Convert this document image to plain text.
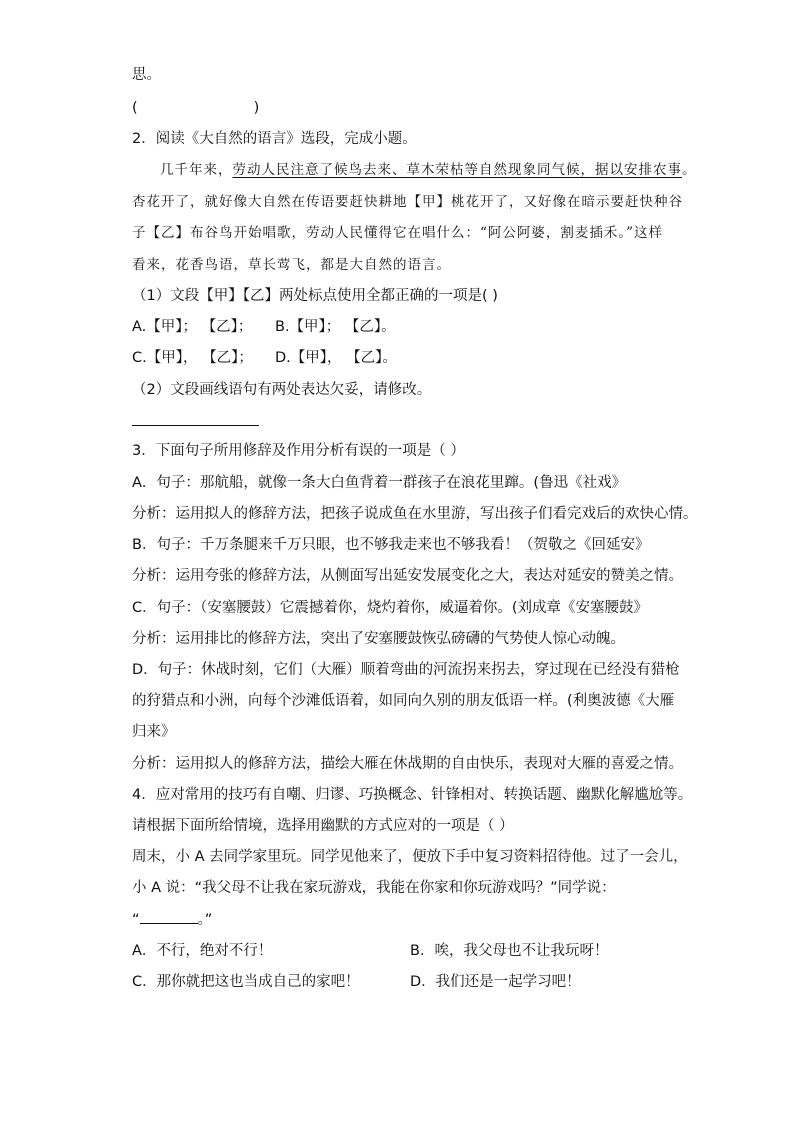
思。
(	)
2．阅读《大自然的语言》选段，完成小题。
几千年来，劳动人民注意了候鸟去来、草木荣枯等自然现象同气候，据以安排农事。
杏花开了，就好像大自然在传语要赶快耕地【甲】桃花开了，又好像在暗示要赶快种谷
子【乙】布谷鸟开始唱歌，劳动人民懂得它在唱什么：“阿公阿婆，割麦插禾。”这样
看来，花香鸟语，草长莺飞，都是大自然的语言。
（1）文段【甲】【乙】两处标点使用全都正确的一项是( )
A.【甲】； 【乙】； B.【甲】； 【乙】。
C.【甲】， 【乙】； D.【甲】， 【乙】。
（2）文段画线语句有两处表达欠妥，请修改。
3．下面句子所用修辞及作用分析有误的一项是（ ）
A．句子：那航船，就像一条大白鱼背着一群孩子在浪花里蹿。(鲁迅《社戏》
分析：运用拟人的修辞方法，把孩子说成鱼在水里游，写出孩子们看完戏后的欢快心情。
B．句子：千万条腿来千万只眼，也不够我走来也不够我看！（贺敬之《回延安》
分析：运用夸张的修辞方法，从侧面写出延安发展变化之大，表达对延安的赞美之情。
C．句子：（安塞腰鼓）它震撼着你，烧灼着你，威逼着你。(刘成章《安塞腰鼓》
分析：运用排比的修辞方法，突出了安塞腰鼓恢弘磅礴的气势使人惊心动魄。
D．句子：休战时刻，它们（大雁）顺着弯曲的河流拐来拐去，穿过现在已经没有猎枪
的狩猎点和小洲，向每个沙滩低语着，如同向久别的朋友低语一样。(利奥波德《大雁
归来》
分析：运用拟人的修辞方法，描绘大雁在休战期的自由快乐，表现对大雁的喜爱之情。
4．应对常用的技巧有自嘲、归谬、巧换概念、针锋相对、转换话题、幽默化解尴尬等。
请根据下面所给情境，选择用幽默的方式应对的一项是（ ）
周末，小 A 去同学家里玩。同学见他来了，便放下手中复习资料招待他。过了一会儿，
小 A 说：“我父母不让我在家玩游戏，我能在你家和你玩游戏吗？”同学说：
“	。”
A．不行，绝对不行！	B．唉，我父母也不让我玩呀！
C．那你就把这也当成自己的家吧！	D．我们还是一起学习吧！
